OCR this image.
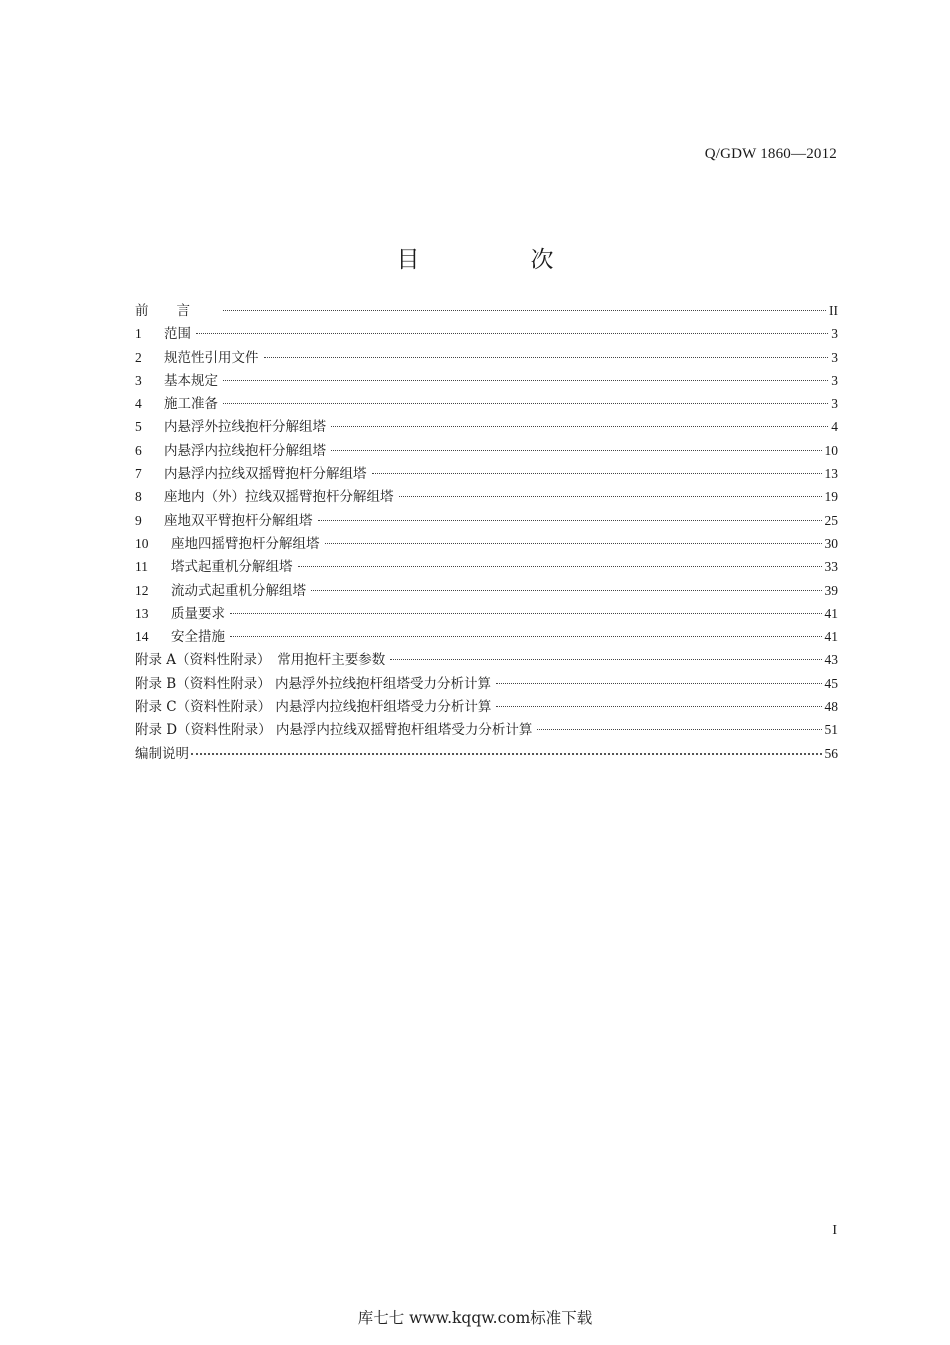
Q/GDW 1860—2012
目　次
前言	II
1	范围	3
2	规范性引用文件	3
3	基本规定	3
4	施工准备	3
5	内悬浮外拉线抱杆分解组塔	4
6	内悬浮内拉线抱杆分解组塔	10
7	内悬浮内拉线双摇臂抱杆分解组塔	13
8	座地内（外）拉线双摇臂抱杆分解组塔	19
9	座地双平臂抱杆分解组塔	25
10	座地四摇臂抱杆分解组塔	30
11	塔式起重机分解组塔	33
12	流动式起重机分解组塔	39
13	质量要求	41
14	安全措施	41
附录 A（资料性附录）　常用抱杆主要参数	43
附录 B（资料性附录） 内悬浮外拉线抱杆组塔受力分析计算	45
附录 C（资料性附录） 内悬浮内拉线抱杆组塔受力分析计算	48
附录 D（资料性附录） 内悬浮内拉线双摇臂抱杆组塔受力分析计算	51
编制说明	56
I
库七七 www.kqqw.com标准下载
